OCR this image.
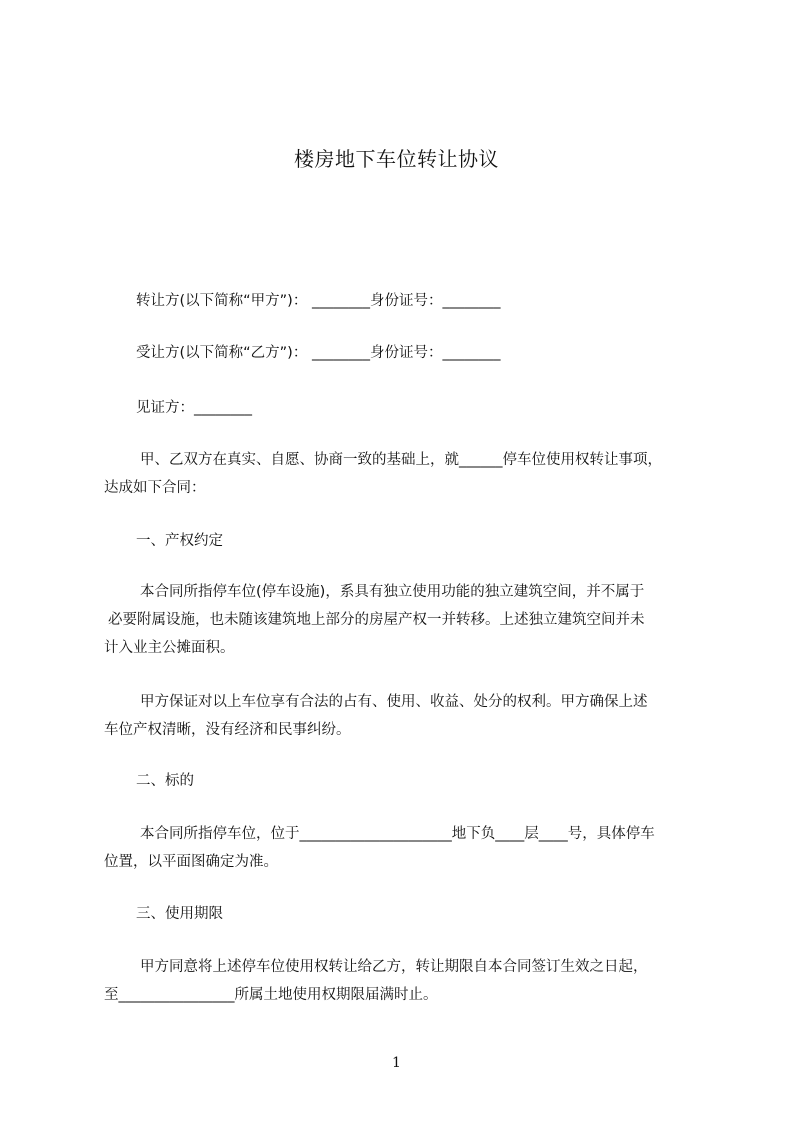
楼房地下车位转让协议
转让方(以下简称“甲方”)： ________身份证号：________
受让方(以下简称“乙方”)： ________身份证号：________
见证方：________
甲、乙双方在真实、自愿、协商一致的基础上，就______停车位使用权转让事项，
达成如下合同：
一、产权约定
本合同所指停车位(停车设施)，系具有独立使用功能的独立建筑空间，并不属于
必要附属设施，也未随该建筑地上部分的房屋产权一并转移。上述独立建筑空间并未
计入业主公摊面积。
甲方保证对以上车位享有合法的占有、使用、收益、处分的权利。甲方确保上述
车位产权清晰，没有经济和民事纠纷。
二、标的
本合同所指停车位，位于_____________________地下负____层____号，具体停车
位置，以平面图确定为准。
三、使用期限
甲方同意将上述停车位使用权转让给乙方，转让期限自本合同签订生效之日起，
至________________所属土地使用权期限届满时止。
1
